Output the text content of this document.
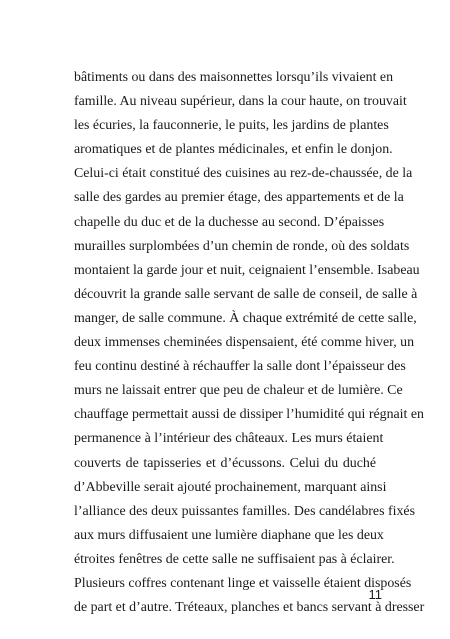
bâtiments ou dans des maisonnettes lorsqu’ils vivaient en
famille. Au niveau supérieur, dans la cour haute, on trouvait
les écuries, la fauconnerie, le puits, les jardins de plantes
aromatiques et de plantes médicinales, et enfin le donjon.
Celui-ci était constitué des cuisines au rez-de-chaussée, de la
salle des gardes au premier étage, des appartements et de la
chapelle du duc et de la duchesse au second. D’épaisses
murailles surplombées d’un chemin de ronde, où des soldats
montaient la garde jour et nuit, ceignaient l’ensemble. Isabeau
découvrit la grande salle servant de salle de conseil, de salle à
manger, de salle commune. À chaque extrémité de cette salle,
deux immenses cheminées dispensaient, été comme hiver, un
feu continu destiné à réchauffer la salle dont l’épaisseur des
murs ne laissait entrer que peu de chaleur et de lumière. Ce
chauffage permettait aussi de dissiper l’humidité qui régnait en
permanence à l’intérieur des châteaux. Les murs étaient
couverts de tapisseries et d’écussons. Celui du duché
d’Abbeville serait ajouté prochainement, marquant ainsi
l’alliance des deux puissantes familles. Des candélabres fixés
aux murs diffusaient une lumière diaphane que les deux
étroites fenêtres de cette salle ne suffisaient pas à éclairer.
Plusieurs coffres contenant linge et vaisselle étaient disposés
de part et d’autre. Tréteaux, planches et bancs servant à dresser
11
